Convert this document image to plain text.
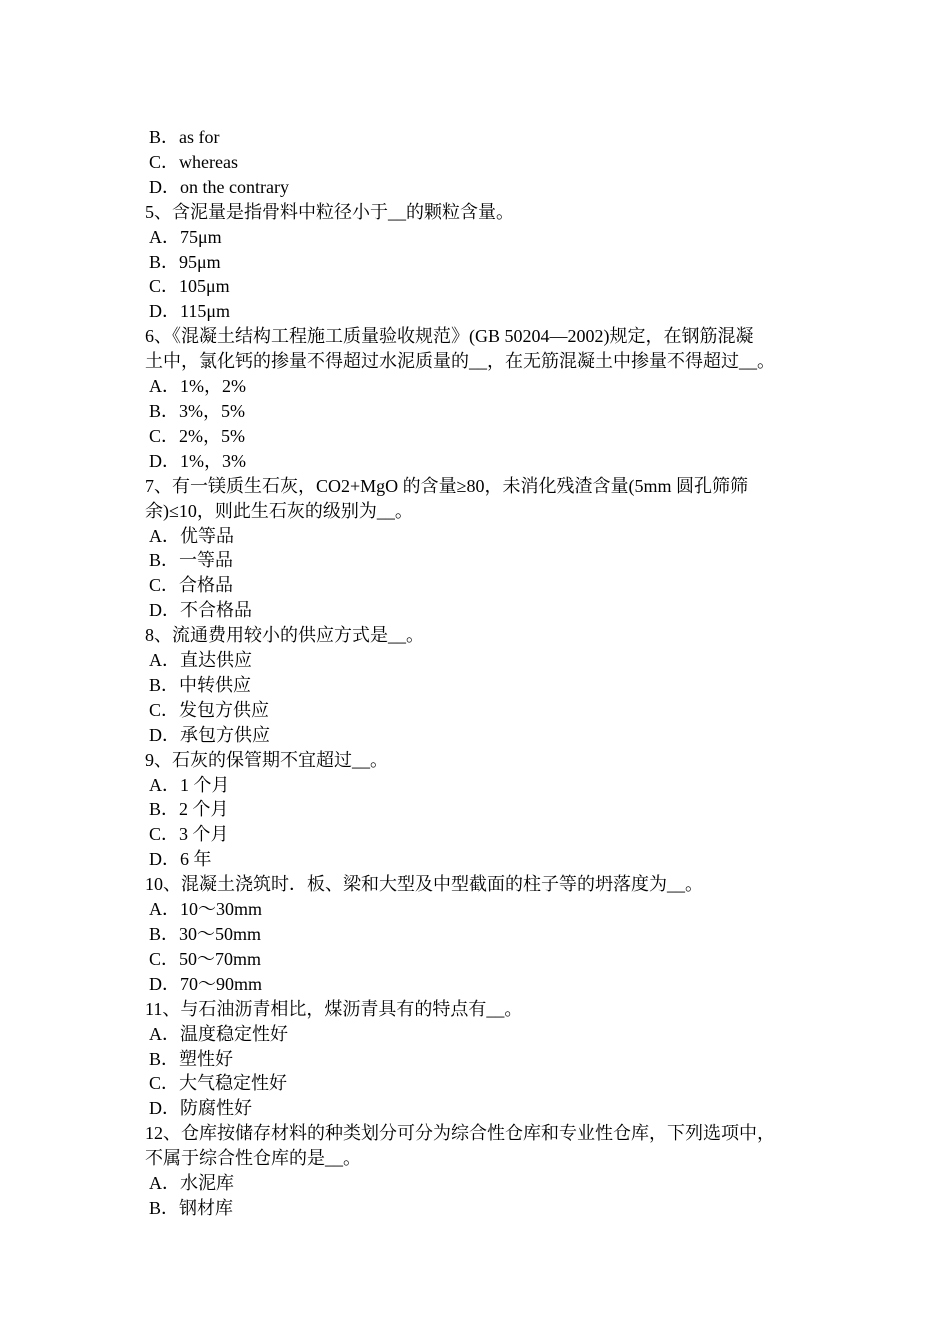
B．as for
C．whereas
D．on the contrary
5、含泥量是指骨料中粒径小于__的颗粒含量。
A．75μm
B．95μm
C．105μm
D．115μm
6、《混凝土结构工程施工质量验收规范》(GB 50204—2002)规定，在钢筋混凝
土中，氯化钙的掺量不得超过水泥质量的__，在无筋混凝土中掺量不得超过__。
A．1%，2%
B．3%，5%
C．2%，5%
D．1%，3%
7、有一镁质生石灰，CO2+MgO 的含量≥80，未消化残渣含量(5mm 圆孔筛筛
余)≤10，则此生石灰的级别为__。
A．优等品
B．一等品
C．合格品
D．不合格品
8、流通费用较小的供应方式是__。
A．直达供应
B．中转供应
C．发包方供应
D．承包方供应
9、石灰的保管期不宜超过__。
A．1 个月
B．2 个月
C．3 个月
D．6 年
10、混凝土浇筑时．板、梁和大型及中型截面的柱子等的坍落度为__。
A．10～30mm
B．30～50mm
C．50～70mm
D．70～90mm
11、与石油沥青相比，煤沥青具有的特点有__。
A．温度稳定性好
B．塑性好
C．大气稳定性好
D．防腐性好
12、仓库按储存材料的种类划分可分为综合性仓库和专业性仓库，下列选项中，
不属于综合性仓库的是__。
A．水泥库
B．钢材库
